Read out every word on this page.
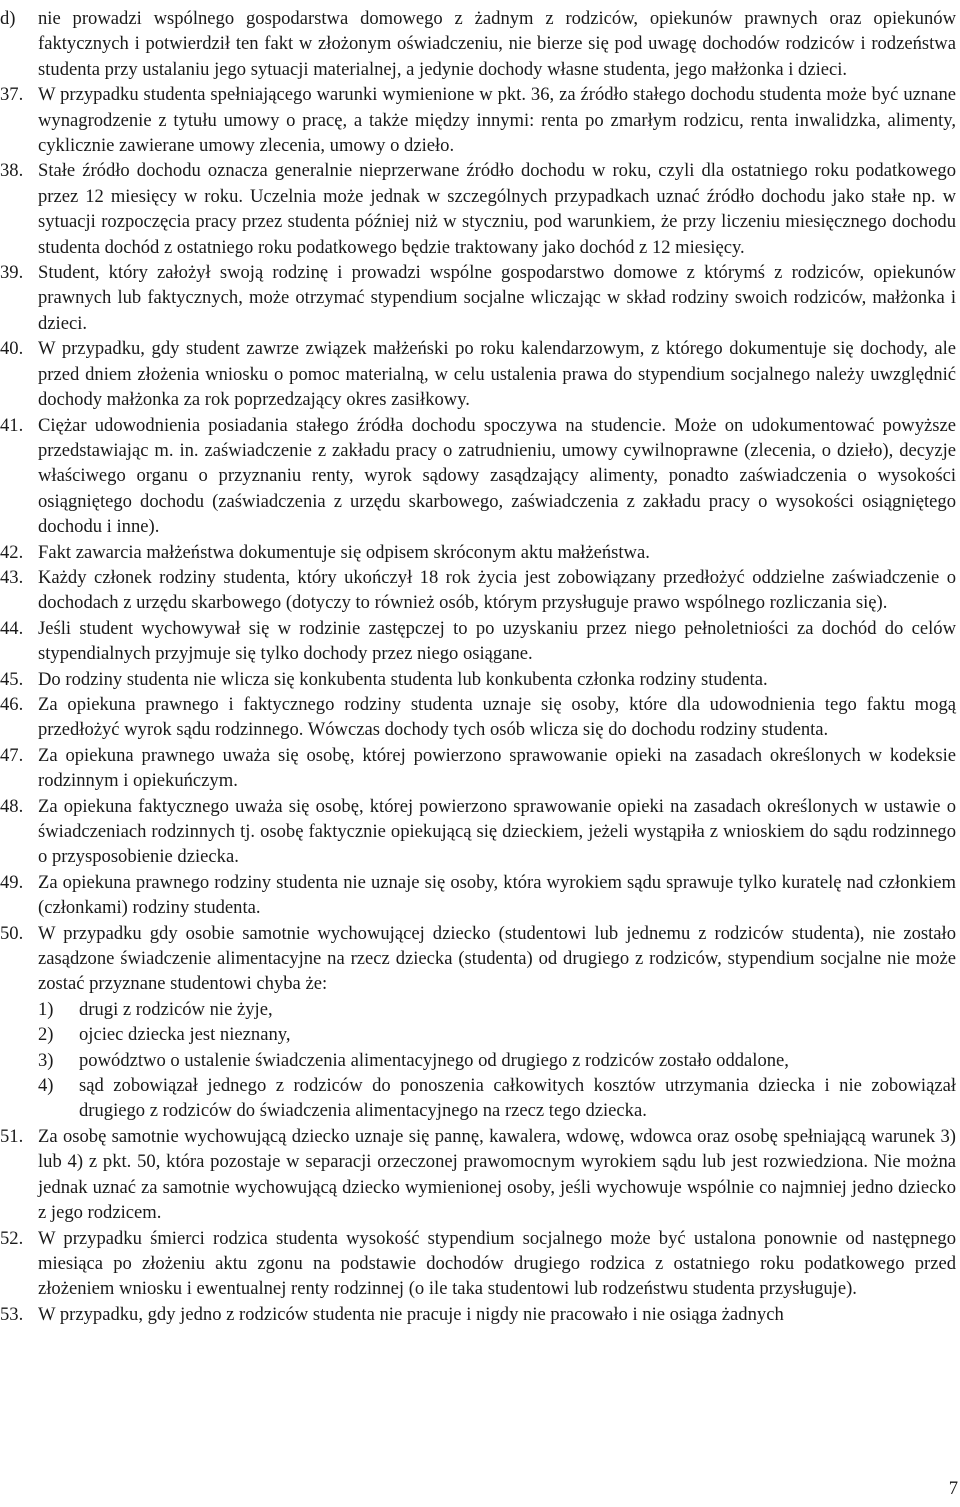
d) nie prowadzi wspólnego gospodarstwa domowego z żadnym z rodziców, opiekunów prawnych oraz opiekunów faktycznych i potwierdził ten fakt w złożonym oświadczeniu, nie bierze się pod uwagę dochodów rodziców i rodzeństwa studenta przy ustalaniu jego sytuacji materialnej, a jedynie dochody własne studenta, jego małżonka i dzieci.

37. W przypadku studenta spełniającego warunki wymienione w pkt. 36, za źródło stałego dochodu studenta może być uznane wynagrodzenie z tytułu umowy o pracę, a także między innymi: renta po zmarłym rodzicu, renta inwalidzka, alimenty, cyklicznie zawierane umowy zlecenia, umowy o dzieło.

38. Stałe źródło dochodu oznacza generalnie nieprzerwane źródło dochodu w roku, czyli dla ostatniego roku podatkowego przez 12 miesięcy w roku. Uczelnia może jednak w szczególnych przypadkach uznać źródło dochodu jako stałe np. w sytuacji rozpoczęcia pracy przez studenta później niż w styczniu, pod warunkiem, że przy liczeniu miesięcznego dochodu studenta dochód z ostatniego roku podatkowego będzie traktowany jako dochód z 12 miesięcy.

39. Student, który założył swoją rodzinę i prowadzi wspólne gospodarstwo domowe z którymś z rodziców, opiekunów prawnych lub faktycznych, może otrzymać stypendium socjalne wliczając w skład rodziny swoich rodziców, małżonka i dzieci.

40. W przypadku, gdy student zawrze związek małżeński po roku kalendarzowym, z którego dokumentuje się dochody, ale przed dniem złożenia wniosku o pomoc materialną, w celu ustalenia prawa do stypendium socjalnego należy uwzględnić dochody małżonka za rok poprzedzający okres zasiłkowy.

41. Ciężar udowodnienia posiadania stałego źródła dochodu spoczywa na studencie. Może on udokumentować powyższe przedstawiając m. in. zaświadczenie z zakładu pracy o zatrudnieniu, umowy cywilnoprawne (zlecenia, o dzieło), decyzje właściwego organu o przyznaniu renty, wyrok sądowy zasądzający alimenty, ponadto zaświadczenia o wysokości osiągniętego dochodu (zaświadczenia z urzędu skarbowego, zaświadczenia z zakładu pracy o wysokości osiągniętego dochodu i inne).

42. Fakt zawarcia małżeństwa dokumentuje się odpisem skróconym aktu małżeństwa.

43. Każdy członek rodziny studenta, który ukończył 18 rok życia jest zobowiązany przedłożyć oddzielne zaświadczenie o dochodach z urzędu skarbowego (dotyczy to również osób, którym przysługuje prawo wspólnego rozliczania się).

44. Jeśli student wychowywał się w rodzinie zastępczej to po uzyskaniu przez niego pełnoletniości za dochód do celów stypendialnych przyjmuje się tylko dochody przez niego osiągane.

45. Do rodziny studenta nie wlicza się konkubenta studenta lub konkubenta członka rodziny studenta.

46. Za opiekuna prawnego i faktycznego rodziny studenta uznaje się osoby, które dla udowodnienia tego faktu mogą przedłożyć wyrok sądu rodzinnego. Wówczas dochody tych osób wlicza się do dochodu rodziny studenta.

47. Za opiekuna prawnego uważa się osobę, której powierzono sprawowanie opieki na zasadach określonych w kodeksie rodzinnym i opiekuńczym.

48. Za opiekuna faktycznego uważa się osobę, której powierzono sprawowanie opieki na zasadach określonych w ustawie o świadczeniach rodzinnych tj. osobę faktycznie opiekującą się dzieckiem, jeżeli wystąpiła z wnioskiem do sądu rodzinnego o przysposobienie dziecka.

49. Za opiekuna prawnego rodziny studenta nie uznaje się osoby, która wyrokiem sądu sprawuje tylko kuratelę nad członkiem (członkami) rodziny studenta.

50. W przypadku gdy osobie samotnie wychowującej dziecko (studentowi lub jednemu z rodziców studenta), nie zostało zasądzone świadczenie alimentacyjne na rzecz dziecka (studenta) od drugiego z rodziców, stypendium socjalne nie może zostać przyznane studentowi chyba że:

1) drugi z rodziców nie żyje,

2) ojciec dziecka jest nieznany,

3) powództwo o ustalenie świadczenia alimentacyjnego od drugiego z rodziców zostało oddalone,

4) sąd zobowiązał jednego z rodziców do ponoszenia całkowitych kosztów utrzymania dziecka i nie zobowiązał drugiego z rodziców do świadczenia alimentacyjnego na rzecz tego dziecka.

51. Za osobę samotnie wychowującą dziecko uznaje się pannę, kawalera, wdowę, wdowca oraz osobę spełniającą warunek 3) lub 4) z pkt. 50, która pozostaje w separacji orzeczonej prawomocnym wyrokiem sądu lub jest rozwiedziona. Nie można jednak uznać za samotnie wychowującą dziecko wymienionej osoby, jeśli wychowuje wspólnie co najmniej jedno dziecko z jego rodzicem.

52. W przypadku śmierci rodzica studenta wysokość stypendium socjalnego może być ustalona ponownie od następnego miesiąca po złożeniu aktu zgonu na podstawie dochodów drugiego rodzica z ostatniego roku podatkowego przed złożeniem wniosku i ewentualnej renty rodzinnej (o ile taka studentowi lub rodzeństwu studenta przysługuje).

53. W przypadku, gdy jedno z rodziców studenta nie pracuje i nigdy nie pracowało i nie osiąga żadnych

7
